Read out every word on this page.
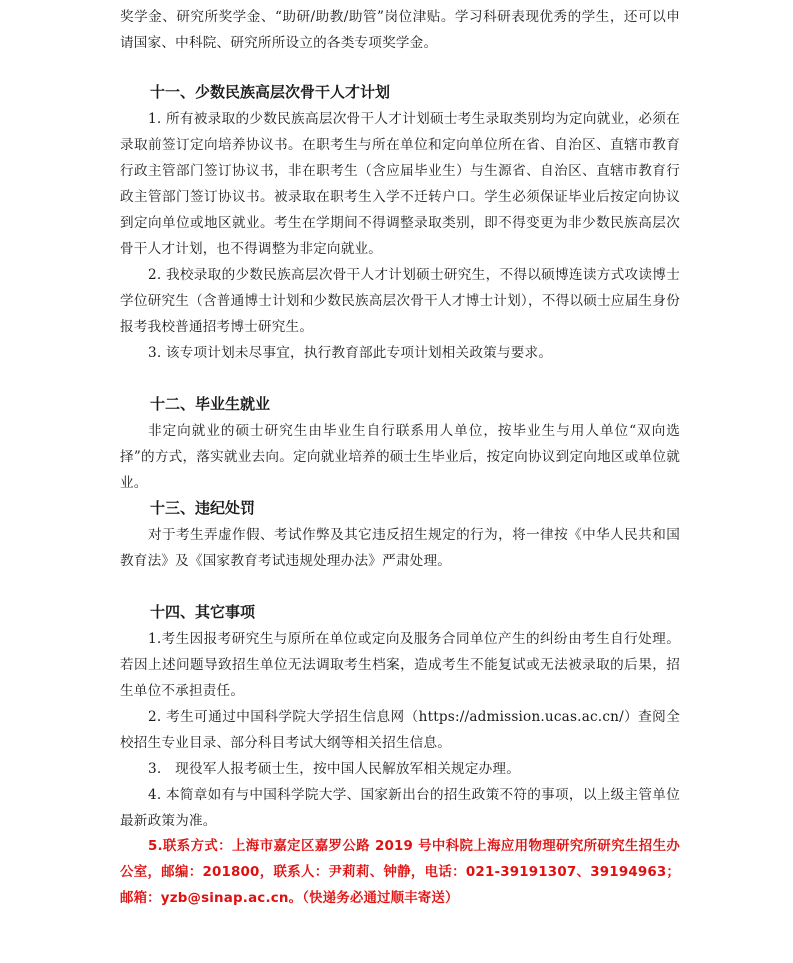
奖学金、研究所奖学金、“助研/助教/助管”岗位津贴。学习科研表现优秀的学生，还可以申请国家、中科院、研究所所设立的各类专项奖学金。

十一、少数民族高层次骨干人才计划

1. 所有被录取的少数民族高层次骨干人才计划硕士考生录取类别均为定向就业，必须在录取前签订定向培养协议书。在职考生与所在单位和定向单位所在省、自治区、直辖市教育行政主管部门签订协议书，非在职考生（含应届毕业生）与生源省、自治区、直辖市教育行政主管部门签订协议书。被录取在职考生入学不迁转户口。学生必须保证毕业后按定向协议到定向单位或地区就业。考生在学期间不得调整录取类别，即不得变更为非少数民族高层次骨干人才计划，也不得调整为非定向就业。

2. 我校录取的少数民族高层次骨干人才计划硕士研究生，不得以硕博连读方式攻读博士学位研究生（含普通博士计划和少数民族高层次骨干人才博士计划），不得以硕士应届生身份报考我校普通招考博士研究生。

3. 该专项计划未尽事宜，执行教育部此专项计划相关政策与要求。

十二、毕业生就业

非定向就业的硕士研究生由毕业生自行联系用人单位，按毕业生与用人单位“双向选择”的方式，落实就业去向。定向就业培养的硕士生毕业后，按定向协议到定向地区或单位就业。

十三、违纪处罚

对于考生弄虚作假、考试作弊及其它违反招生规定的行为，将一律按《中华人民共和国教育法》及《国家教育考试违规处理办法》严肃处理。

十四、其它事项

1.考生因报考研究生与原所在单位或定向及服务合同单位产生的纠纷由考生自行处理。若因上述问题导致招生单位无法调取考生档案，造成考生不能复试或无法被录取的后果，招生单位不承担责任。

2. 考生可通过中国科学院大学招生信息网（https://admission.ucas.ac.cn/）查阅全校招生专业目录、部分科目考试大纲等相关招生信息。

3.　现役军人报考硕士生，按中国人民解放军相关规定办理。

4. 本简章如有与中国科学院大学、国家新出台的招生政策不符的事项，以上级主管单位最新政策为准。

5.联系方式：上海市嘉定区嘉罗公路 2019 号中科院上海应用物理研究所研究生招生办公室，邮编：201800，联系人：尹莉莉、钟静，电话：021-39191307、39194963；邮箱：yzb@sinap.ac.cn。（快递务必通过顺丰寄送）
